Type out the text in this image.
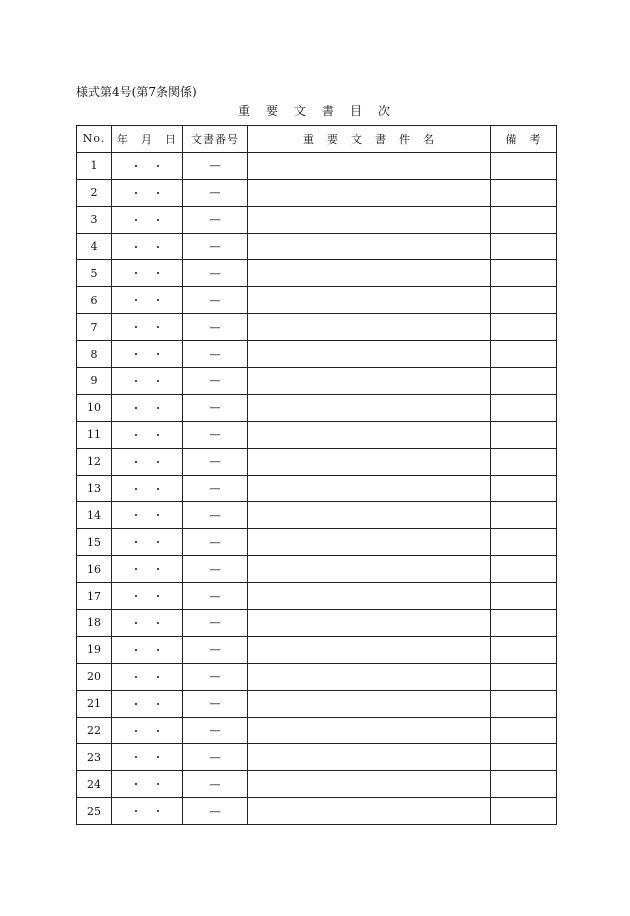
様式第4号(第7条関係)
重　要　文　書　目　次
No.	年　月　日	文書番号	重　要　文　書　件　名	備　考
1	・　・	—		
2	・　・	—		
3	・　・	—		
4	・　・	—		
5	・　・	—		
6	・　・	—		
7	・　・	—		
8	・　・	—		
9	・　・	—		
10	・　・	—		
11	・　・	—		
12	・　・	—		
13	・　・	—		
14	・　・	—		
15	・　・	—		
16	・　・	—		
17	・　・	—		
18	・　・	—		
19	・　・	—		
20	・　・	—		
21	・　・	—		
22	・　・	—		
23	・　・	—		
24	・　・	—		
25	・　・	—		
